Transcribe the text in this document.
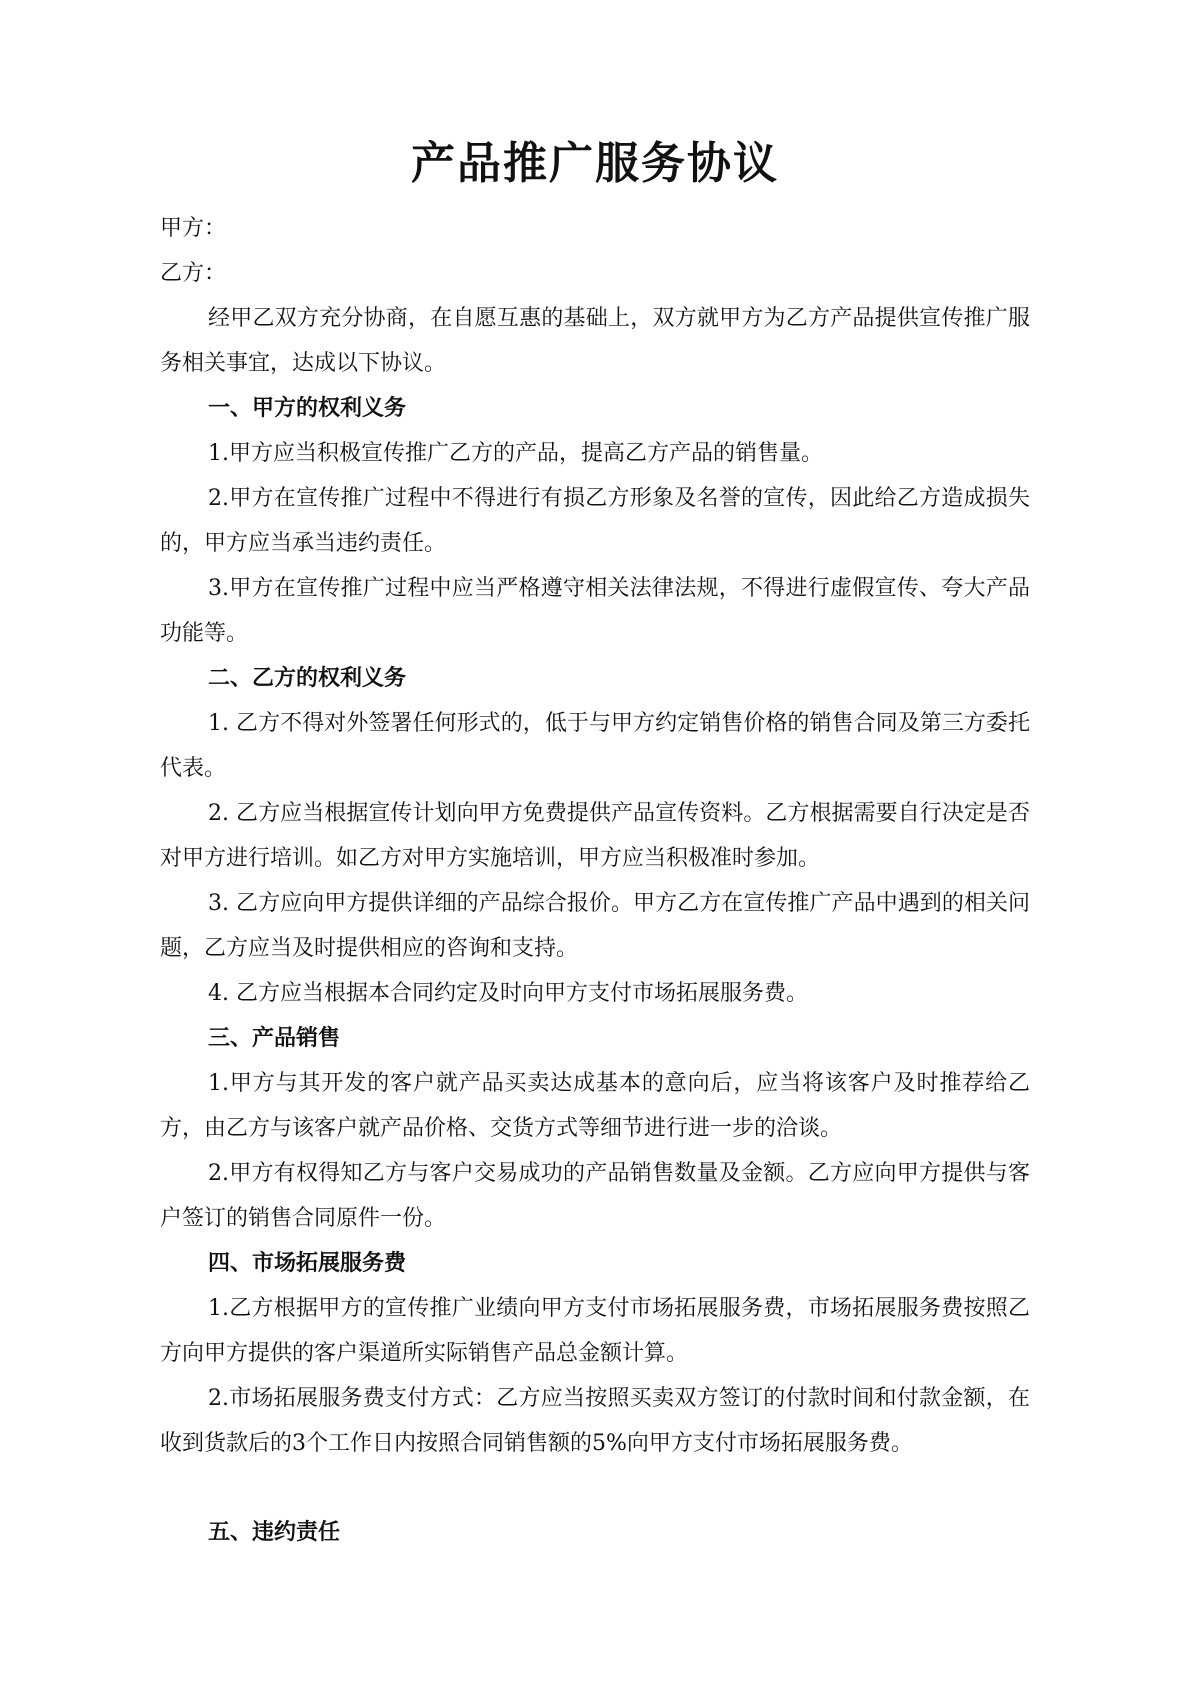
产品推广服务协议

甲方：

乙方：

经甲乙双方充分协商，在自愿互惠的基础上，双方就甲方为乙方产品提供宣传推广服务相关事宜，达成以下协议。

一、甲方的权利义务

1.甲方应当积极宣传推广乙方的产品，提高乙方产品的销售量。

2.甲方在宣传推广过程中不得进行有损乙方形象及名誉的宣传，因此给乙方造成损失的，甲方应当承当违约责任。

3.甲方在宣传推广过程中应当严格遵守相关法律法规，不得进行虚假宣传、夸大产品功能等。

二、乙方的权利义务

1. 乙方不得对外签署任何形式的，低于与甲方约定销售价格的销售合同及第三方委托代表。

2. 乙方应当根据宣传计划向甲方免费提供产品宣传资料。乙方根据需要自行决定是否对甲方进行培训。如乙方对甲方实施培训，甲方应当积极准时参加。

3. 乙方应向甲方提供详细的产品综合报价。甲方乙方在宣传推广产品中遇到的相关问题，乙方应当及时提供相应的咨询和支持。

4. 乙方应当根据本合同约定及时向甲方支付市场拓展服务费。

三、产品销售

1.甲方与其开发的客户就产品买卖达成基本的意向后，应当将该客户及时推荐给乙方，由乙方与该客户就产品价格、交货方式等细节进行进一步的洽谈。

2.甲方有权得知乙方与客户交易成功的产品销售数量及金额。乙方应向甲方提供与客户签订的销售合同原件一份。

四、市场拓展服务费

1.乙方根据甲方的宣传推广业绩向甲方支付市场拓展服务费，市场拓展服务费按照乙方向甲方提供的客户渠道所实际销售产品总金额计算。

2.市场拓展服务费支付方式：乙方应当按照买卖双方签订的付款时间和付款金额，在收到货款后的3个工作日内按照合同销售额的5%向甲方支付市场拓展服务费。

五、违约责任
